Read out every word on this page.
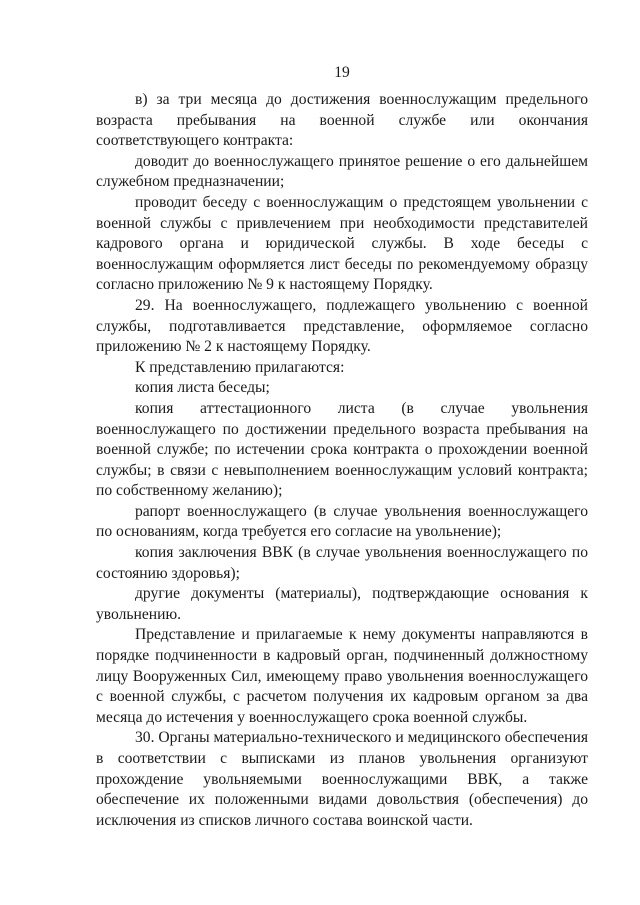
19

в) за три месяца до достижения военнослужащим предельного возраста пребывания на военной службе или окончания соответствующего контракта:

доводит до военнослужащего принятое решение о его дальнейшем служебном предназначении;

проводит беседу с военнослужащим о предстоящем увольнении с военной службы с привлечением при необходимости представителей кадрового органа и юридической службы. В ходе беседы с военнослужащим оформляется лист беседы по рекомендуемому образцу согласно приложению № 9 к настоящему Порядку.

29. На военнослужащего, подлежащего увольнению с военной службы, подготавливается представление, оформляемое согласно приложению № 2 к настоящему Порядку.

К представлению прилагаются:

копия листа беседы;

копия аттестационного листа (в случае увольнения военнослужащего по достижении предельного возраста пребывания на военной службе; по истечении срока контракта о прохождении военной службы; в связи с невыполнением военнослужащим условий контракта; по собственному желанию);

рапорт военнослужащего (в случае увольнения военнослужащего по основаниям, когда требуется его согласие на увольнение);

копия заключения ВВК (в случае увольнения военнослужащего по состоянию здоровья);

другие документы (материалы), подтверждающие основания к увольнению.

Представление и прилагаемые к нему документы направляются в порядке подчиненности в кадровый орган, подчиненный должностному лицу Вооруженных Сил, имеющему право увольнения военнослужащего с военной службы, с расчетом получения их кадровым органом за два месяца до истечения у военнослужащего срока военной службы.

30. Органы материально-технического и медицинского обеспечения в соответствии с выписками из планов увольнения организуют прохождение увольняемыми военнослужащими ВВК, а также обеспечение их положенными видами довольствия (обеспечения) до исключения из списков личного состава воинской части.
